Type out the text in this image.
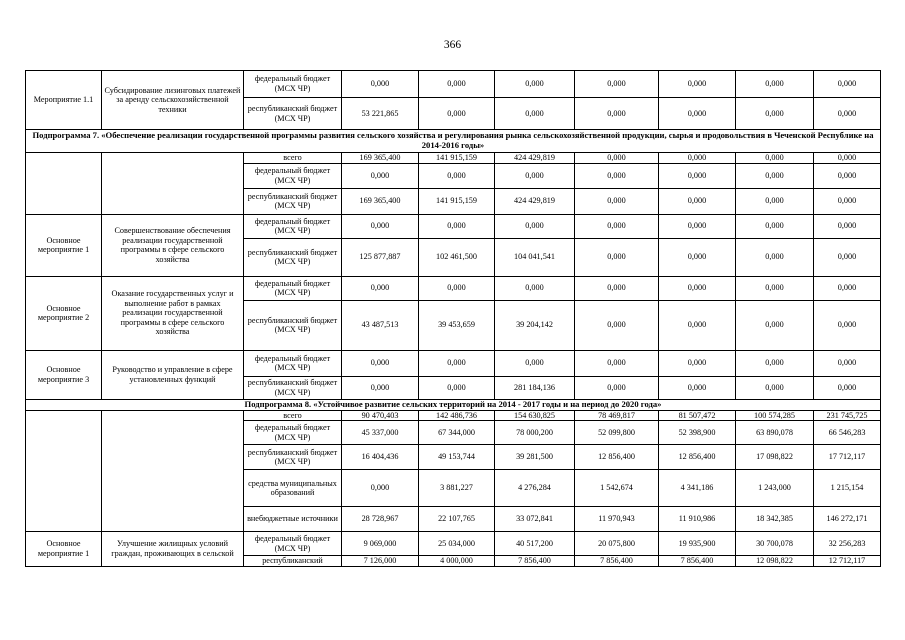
366
Мероприятие 1.1	Субсидирование лизинговых платежей за аренду сельскохозяйственной техники	федеральный бюджет (МСХ ЧР)	0,000	0,000	0,000	0,000	0,000	0,000	0,000
		республиканский бюджет (МСХ ЧР)	53 221,865	0,000	0,000	0,000	0,000	0,000	0,000
Подпрограмма 7. «Обеспечение реализации государственной программы развития сельского хозяйства и регулирования рынка сельскохозяйственной продукции, сырья и продовольствия в Чеченской Республике на 2014-2016 годы»									
		всего	169 365,400	141 915,159	424 429,819	0,000	0,000	0,000	0,000
		федеральный бюджет (МСХ ЧР)	0,000	0,000	0,000	0,000	0,000	0,000	0,000
		республиканский бюджет (МСХ ЧР)	169 365,400	141 915,159	424 429,819	0,000	0,000	0,000	0,000
Основное мероприятие 1	Совершенствование обеспечения реализации государственной программы в сфере сельского хозяйства	федеральный бюджет (МСХ ЧР)	0,000	0,000	0,000	0,000	0,000	0,000	0,000
		республиканский бюджет (МСХ ЧР)	125 877,887	102 461,500	104 041,541	0,000	0,000	0,000	0,000
Основное мероприятие 2	Оказание государственных услуг и выполнение работ в рамках реализации государственной программы в сфере сельского хозяйства	федеральный бюджет (МСХ ЧР)	0,000	0,000	0,000	0,000	0,000	0,000	0,000
		республиканский бюджет (МСХ ЧР)	43 487,513	39 453,659	39 204,142	0,000	0,000	0,000	0,000
Основное мероприятие 3	Руководство и управление в сфере установленных функций	федеральный бюджет (МСХ ЧР)	0,000	0,000	0,000	0,000	0,000	0,000	0,000
		республиканский бюджет (МСХ ЧР)	0,000	0,000	281 184,136	0,000	0,000	0,000	0,000
Подпрограмма 8. «Устойчивое развитие сельских территорий на 2014 - 2017 годы и на период до 2020 года»									
		всего	90 470,403	142 486,736	154 630,825	78 469,817	81 507,472	100 574,285	231 745,725
		федеральный бюджет (МСХ ЧР)	45 337,000	67 344,000	78 000,200	52 099,800	52 398,900	63 890,078	66 546,283
		республиканский бюджет (МСХ ЧР)	16 404,436	49 153,744	39 281,500	12 856,400	12 856,400	17 098,822	17 712,117
		средства муниципальных образований	0,000	3 881,227	4 276,284	1 542,674	4 341,186	1 243,000	1 215,154
		внебюджетные источники	28 728,967	22 107,765	33 072,841	11 970,943	11 910,986	18 342,385	146 272,171
Основное мероприятие 1	Улучшение жилищных условий граждан, проживающих в сельской	федеральный бюджет (МСХ ЧР)	9 069,000	25 034,000	40 517,200	20 075,800	19 935,900	30 700,078	32 256,283
		республиканский	7 126,000	4 000,000	7 856,400	7 856,400	7 856,400	12 098,822	12 712,117
